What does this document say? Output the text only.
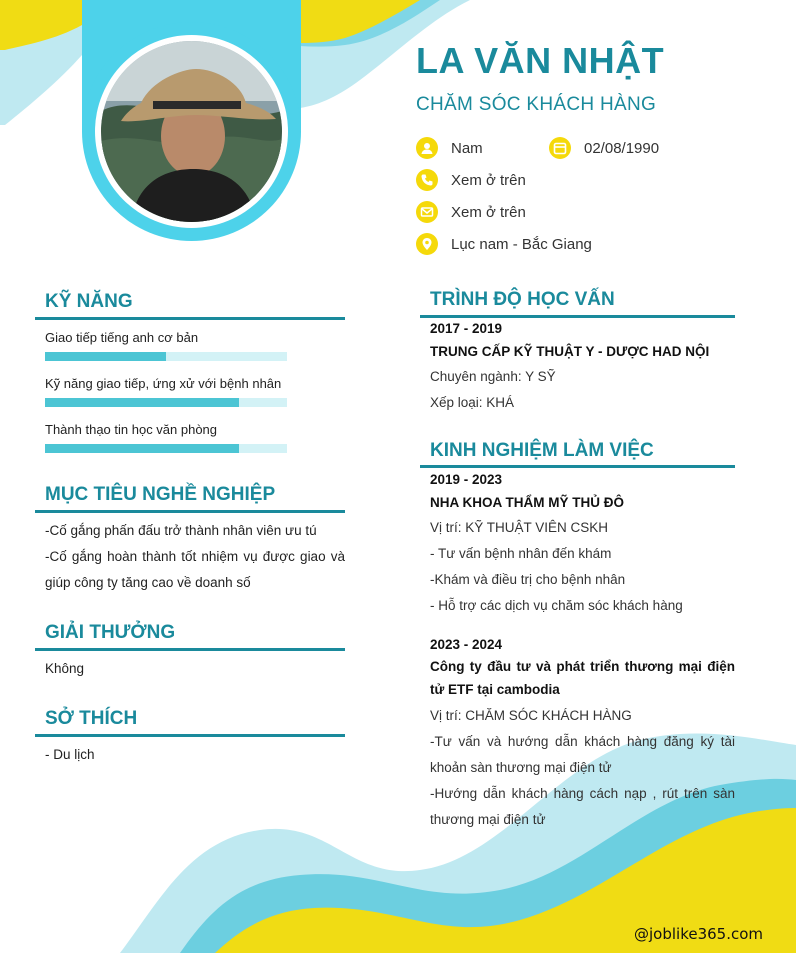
LA VĂN NHẬT
CHĂM SÓC KHÁCH HÀNG
Nam	02/08/1990
Xem ở trên
Xem ở trên
Lục nam - Bắc Giang
KỸ NĂNG
Giao tiếp tiếng anh cơ bản
Kỹ năng giao tiếp, ứng xử với bệnh nhân
Thành thạo tin học văn phòng
MỤC TIÊU NGHỀ NGHIỆP
-Cố gắng phấn đấu trở thành nhân viên ưu tú
-Cố gắng hoàn thành tốt nhiệm vụ được giao và giúp công ty tăng cao về doanh số
GIẢI THƯỞNG
Không
SỞ THÍCH
- Du lịch
TRÌNH ĐỘ HỌC VẤN
2017 - 2019
TRUNG CẤP KỸ THUẬT Y - DƯỢC HAD NỘI
Chuyên ngành: Y SỸ
Xếp loại: KHÁ
KINH NGHIỆM LÀM VIỆC
2019 - 2023
NHA KHOA THẨM MỸ THỦ ĐÔ
Vị trí: KỸ THUẬT VIÊN CSKH
- Tư vấn bệnh nhân đến khám
-Khám và điều trị cho bệnh nhân
- Hỗ trợ các dịch vụ chăm sóc khách hàng
2023 - 2024
Công ty đầu tư và phát triển thương mại điện tử ETF tại cambodia
Vị trí: CHĂM SÓC KHÁCH HÀNG
-Tư vấn và hướng dẫn khách hàng đăng ký tài khoản sàn thương mại điện tử
-Hướng dẫn khách hàng cách nạp , rút trên sàn thương mại điện tử
@joblike365.com
